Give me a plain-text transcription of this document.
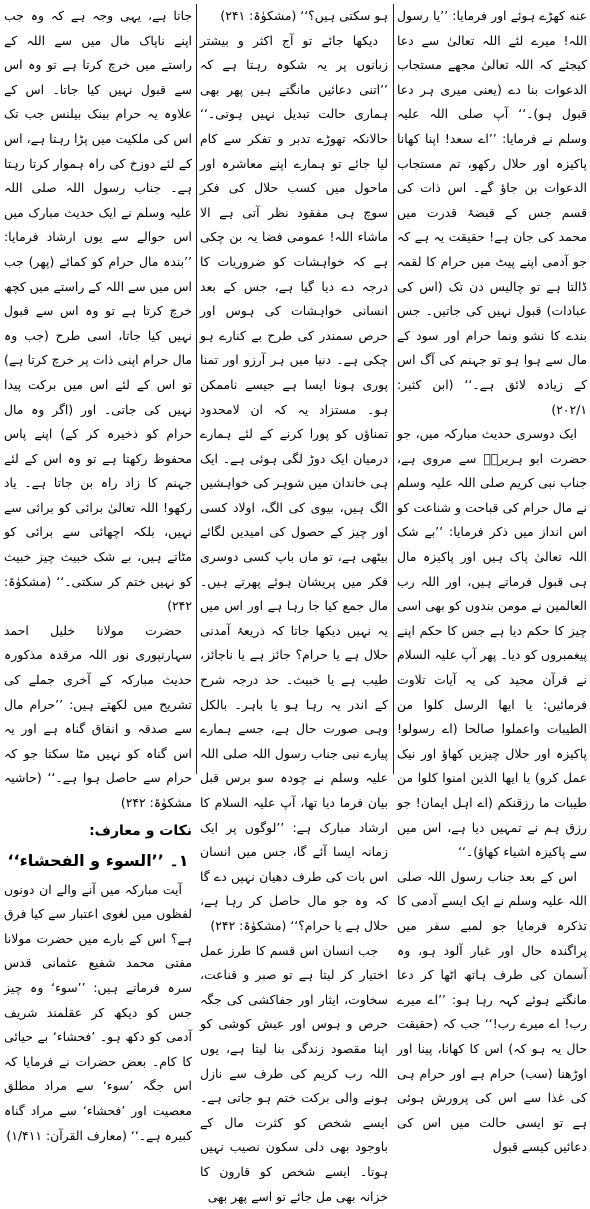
عنه کھڑے ہوئے اور فرمایا: ’’یا رسول اللہ! میرے لئے اللہ تعالیٰ سے دعا کیجئے کہ اللہ تعالیٰ مجھے مستجاب الدعوات بنا دے (یعنی میری ہر دعا قبول ہو)۔‘‘ آپ صلی اللہ علیہ وسلم نے فرمایا: ’’اے سعد! اپنا کھانا پاکیزہ اور حلال رکھو، تم مستجاب الدعوات بن جاؤ گے۔ اس ذات کی قسم جس کے قبضۂ قدرت میں محمد کی جان ہے! حقیقت یہ ہے کہ جو آدمی اپنے پیٹ میں حرام کا لقمہ ڈالتا ہے تو چالیس دن تک (اس کی عبادات) قبول نہیں کی جاتیں۔ جس بندے کا نشو ونما حرام اور سود کے مال سے ہوا ہو تو جہنم کی آگ اس کے زیادہ لائق ہے۔‘‘ (ابن کثیر: ۲۰۲/۱)

ایک دوسری حدیث مبارکہ میں، جو حضرت ابو ہریرہؓ سے مروی ہے، جناب نبی کریم صلی اللہ علیہ وسلم نے مال حرام کی قباحت و شناعت کو اس انداز میں ذکر فرمایا: ’’بے شک اللہ تعالیٰ پاک ہیں اور پاکیزہ مال ہی قبول فرماتے ہیں، اور اللہ رب العالمین نے مومن بندوں کو بھی اسی چیز کا حکم دیا ہے جس کا حکم اپنے پیغمبروں کو دیا۔ پھر آپ علیہ السلام نے قرآن مجید کی یہ آیات تلاوت فرمائیں: یا ایھا الرسل کلوا من الطیبات واعملوا صالحا (اے رسولو! پاکیزہ اور حلال چیزیں کھاؤ اور نیک عمل کرو) یا ایھا الذین امنوا کلوا من طیبات ما رزقنکم (اے اہل ایمان! جو رزق ہم نے تمہیں دیا ہے، اس میں سے پاکیزہ اشیاء کھاؤ)۔‘‘

اس کے بعد جناب رسول اللہ صلی اللہ علیہ وسلم نے ایک ایسے آدمی کا تذکرہ فرمایا جو لمبے سفر میں پراگندہ حال اور غبار آلود ہو، وہ آسمان کی طرف ہاتھ اٹھا کر دعا مانگتے ہوئے کہہ رہا ہو: ’’اے میرے رب! اے میرے رب!‘‘ جب کہ (حقیقت حال یہ ہو کہ) اس کا کھانا، پینا اور اوڑھنا (سب) حرام ہے اور حرام ہی کی غذا سے اس کی پرورش ہوئی ہے تو ایسی حالت میں اس کی دعائیں کیسے قبول

ہو سکتی ہیں؟‘‘ (مشکوٰۃ: ۲۴۱)

دیکھا جائے تو آج اکثر و بیشتر زبانوں پر یہ شکوہ رہتا ہے کہ ’’اتنی دعائیں مانگتے ہیں پھر بھی ہماری حالت تبدیل نہیں ہوتی۔‘‘ حالانکہ تھوڑے تدبر و تفکر سے کام لیا جائے تو ہمارے اپنے معاشرہ اور ماحول میں کسب حلال کی فکر سوچ ہی مفقود نظر آتی ہے الا ماشاء اللہ! عمومی فضا یہ بن چکی ہے کہ خواہشات کو ضروریات کا درجہ دے دیا گیا ہے، جس کے بعد انسانی خواہشات کی ہوس اور حرص سمندر کی طرح بے کنارے ہو چکی ہے۔ دنیا میں ہر آرزو اور تمنا پوری ہونا ایسا ہے جیسے ناممکن ہو۔ مستزاد یہ کہ ان لامحدود تمناؤں کو پورا کرنے کے لئے ہمارے درمیان ایک دوڑ لگی ہوئی ہے۔ ایک ہی خاندان میں شوہر کی خواہشیں الگ ہیں، بیوی کی الگ، اولاد کسی اور چیز کے حصول کی امیدیں لگائے بیٹھی ہے، تو ماں باپ کسی دوسری فکر میں پریشان ہوئے پھرتے ہیں۔ مال جمع کیا جا رہا ہے اور اس میں یہ نہیں دیکھا جاتا کہ ذریعۂ آمدنی حلال ہے یا حرام؟ جائز ہے یا ناجائز، طیب ہے یا خبیث۔ حد درجہ شرح کے اندر یہ رہا ہو یا باہر۔ بالکل وہی صورت حال ہے، جسے ہمارے پیارے نبی جناب رسول اللہ صلی اللہ علیہ وسلم نے چودہ سو برس قبل بیان فرما دیا تھا، آپ علیہ السلام کا ارشاد مبارک ہے: ’’لوگوں پر ایک زمانہ ایسا آئے گا، جس میں انسان اس بات کی طرف دھیان نہیں دے گا کہ وہ جو مال حاصل کر رہا ہے، حلال ہے یا حرام؟‘‘ (مشکوٰۃ: ۲۴۲)

جب انسان اس قسم کا طرز عمل اختیار کر لیتا ہے تو صبر و قناعت، سخاوت، ایثار اور جفاکشی کی جگہ حرص و ہوس اور عیش کوشی کو اپنا مقصود زندگی بنا لیتا ہے، یوں اللہ رب کریم کی طرف سے نازل ہونے والی برکت ختم ہو جاتی ہے۔ ایسے شخص کو کثرت مال کے باوجود بھی دلی سکون نصیب نہیں ہوتا۔ ایسے شخص کو قارون کا خزانہ بھی مل جائے تو اسے پھر بھی

جاتا ہے، یہی وجہ ہے کہ وہ جب اپنے ناپاک مال میں سے اللہ کے راستے میں خرچ کرتا ہے تو وہ اس سے قبول نہیں کیا جاتا۔ اس کے علاوہ یہ حرام بینک بیلنس جب تک اس کی ملکیت میں پڑا رہتا ہے، اس کے لئے دوزخ کی راہ ہموار کرتا رہتا ہے۔ جناب رسول اللہ صلی اللہ علیہ وسلم نے ایک حدیث مبارک میں اس حوالے سے یوں ارشاد فرمایا: ’’بندہ مال حرام کو کمائے (پھر) جب اس میں سے اللہ کے راستے میں کچھ خرچ کرتا ہے تو وہ اس سے قبول نہیں کیا جاتا، اسی طرح (جب وہ مال حرام اپنی ذات پر خرچ کرتا ہے) تو اس کے لئے اس میں برکت پیدا نہیں کی جاتی۔ اور (اگر وہ مال حرام کو ذخیرہ کر کے) اپنے پاس محفوظ رکھتا ہے تو وہ اس کے لئے جہنم کا زاد راہ بن جاتا ہے۔ یاد رکھو! اللہ تعالیٰ برائی کو برائی سے نہیں، بلکہ اچھائی سے برائی کو مٹاتے ہیں، بے شک خبیث چیز خبیث کو نہیں ختم کر سکتی۔‘‘ (مشکوٰۃ: ۲۴۲)

حضرت مولانا خلیل احمد سہارنپوری نور اللہ مرقدہ مذکورہ حدیث مبارکہ کے آخری جملے کی تشریح میں لکھتے ہیں: ’’حرام مال سے صدقہ و انفاق گناہ ہے اور یہ اس گناہ کو نہیں مٹا سکتا جو کہ حرام سے حاصل ہوا ہے۔‘‘ (حاشیہ مشکوٰۃ: ۲۴۲)

نکات و معارف:

۱۔ ’’السوء و الفحشاء‘‘

آیت مبارکہ میں آنے والے ان دونوں لفظوں میں لغوی اعتبار سے کیا فرق ہے؟ اس کے بارے میں حضرت مولانا مفتی محمد شفیع عثمانی قدس سرہ فرماتے ہیں: ’’سوء‘ وہ چیز جس کو دیکھ کر عقلمند شریف آدمی کو دکھ ہو۔ ’فحشاء‘ بے حیائی کا کام۔ بعض حضرات نے فرمایا کہ اس جگہ ’سوء‘ سے مراد مطلق معصیت اور ’فحشاء‘ سے مراد گناہ کبیرہ ہے۔‘‘ (معارف القرآن: ۱/۴۱۱)
